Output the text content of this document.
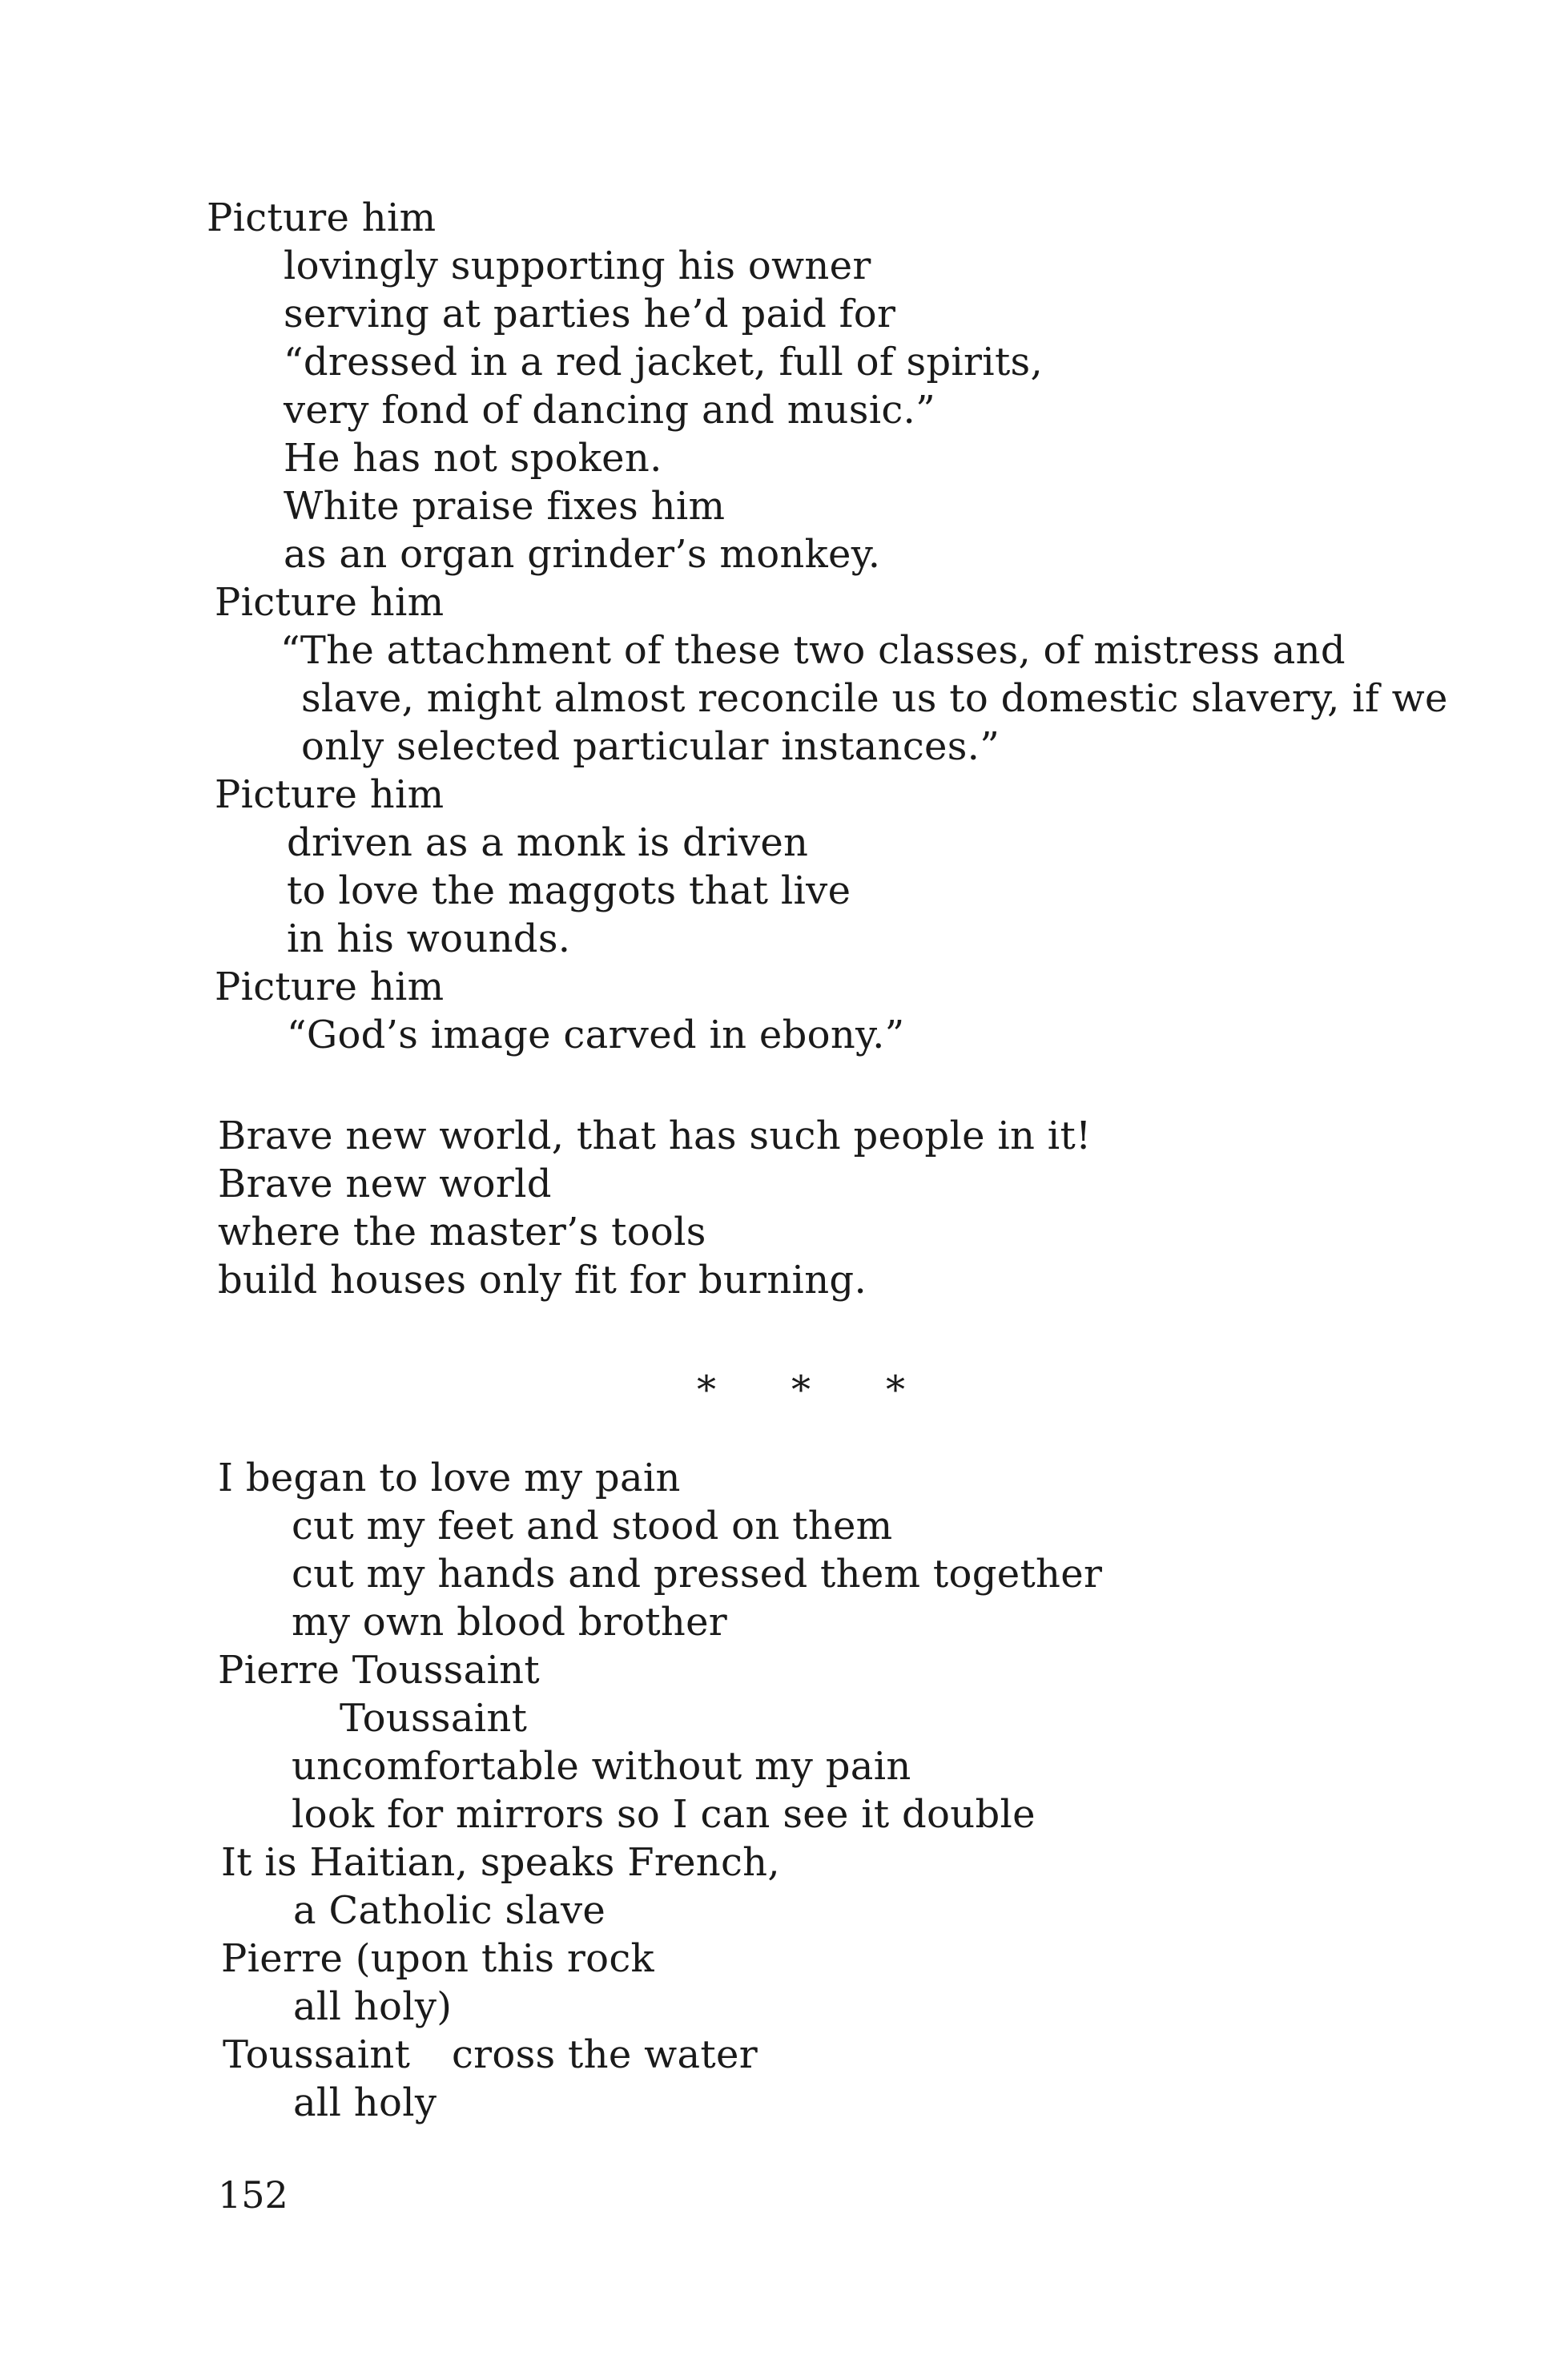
Picture him
lovingly supporting his owner
serving at parties he’d paid for
“dressed in a red jacket, full of spirits,
very fond of dancing and music.”
He has not spoken.
White praise fixes him
as an organ grinder’s monkey.
Picture him
“The attachment of these two classes, of mistress and
slave, might almost reconcile us to domestic slavery, if we
only selected particular instances.”
Picture him
driven as a monk is driven
to love the maggots that live
in his wounds.
Picture him
“God’s image carved in ebony.”
Brave new world, that has such people in it!
Brave new world
where the master’s tools
build houses only fit for burning.
* * *
I began to love my pain
cut my feet and stood on them
cut my hands and pressed them together
my own blood brother
Pierre Toussaint
Toussaint
uncomfortable without my pain
look for mirrors so I can see it double
It is Haitian, speaks French,
a Catholic slave
Pierre (upon this rock
all holy)
Toussaint cross the water
all holy
152
